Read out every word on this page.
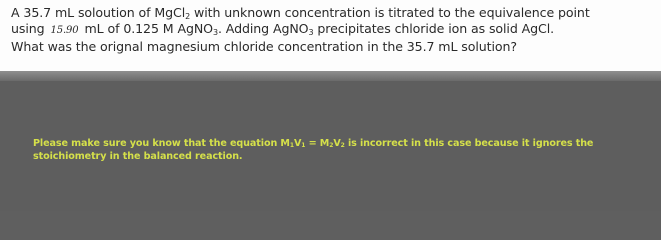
A 35.7 mL soloution of MgCl$_2$ with unknown concentration is titrated to the equivalence point
using 15.90 mL of 0.125 M AgNO$_3$. Adding AgNO$_3$ precipitates chloride ion as solid AgCl.
What was the orignal magnesium chloride concentration in the 35.7 mL solution?
Please make sure you know that the equation $M_1V_1 = M_2V_2$ is incorrect in this case because it ignores the stoichiometry in the balanced reaction.
